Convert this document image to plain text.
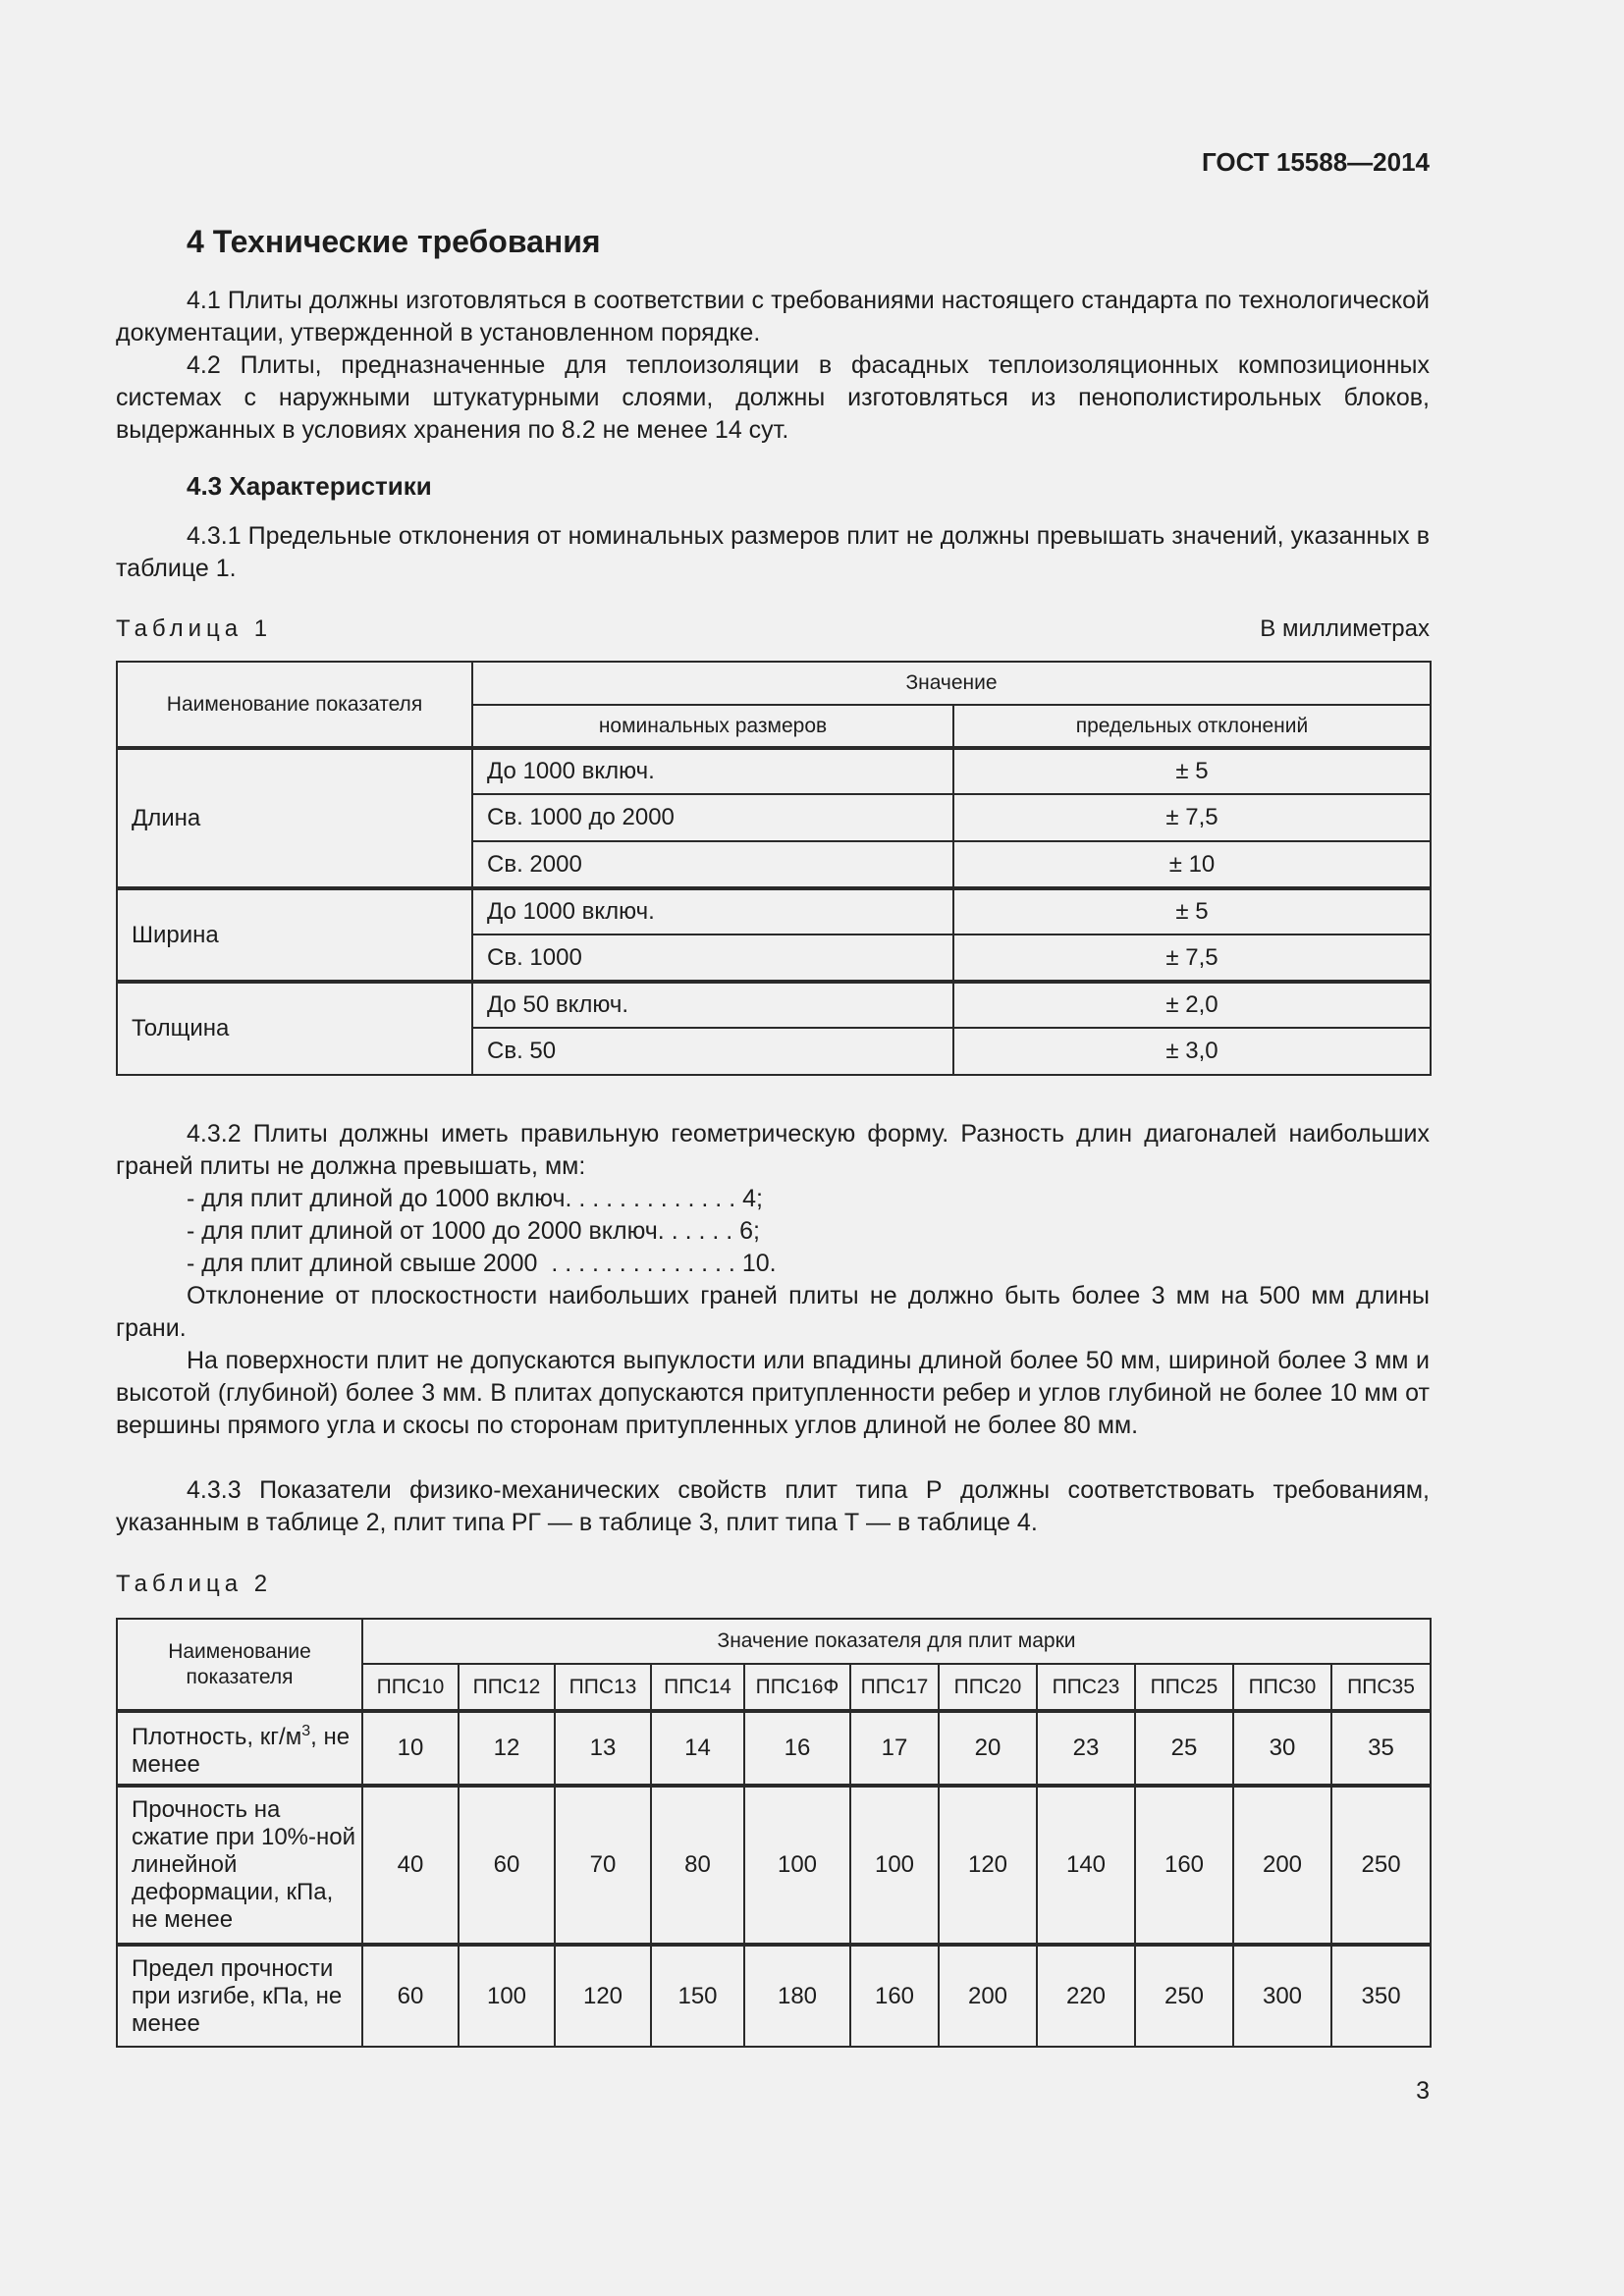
ГОСТ 15588—2014
4 Технические требования

4.1 Плиты должны изготовляться в соответствии с требованиями настоящего стандарта по технологической документации, утвержденной в установленном порядке.

4.2 Плиты, предназначенные для теплоизоляции в фасадных теплоизоляционных композиционных системах с наружными штукатурными слоями, должны изготовляться из пенополистирольных блоков, выдержанных в условиях хранения по 8.2 не менее 14 сут.

4.3 Характеристики

4.3.1 Предельные отклонения от номинальных размеров плит не должны превышать значений, указанных в таблице 1.

Таблица 1	В миллиметрах
Наименование показателя	Значение	
	номинальных размеров	предельных отклонений
Длина	До 1000 включ.	± 5
	Св. 1000 до 2000	± 7,5
	Св. 2000	± 10
Ширина	До 1000 включ.	± 5
	Св. 1000	± 7,5
Толщина	До 50 включ.	± 2,0
	Св. 50	± 3,0

4.3.2 Плиты должны иметь правильную геометрическую форму. Разность длин диагоналей наибольших граней плиты не должна превышать, мм:

- для плит длиной до 1000 включ. . . . . . . . . . . . . 4;
- для плит длиной от 1000 до 2000 включ. . . . . . 6;
- для плит длиной свыше 2000  . . . . . . . . . . . . . . 10.

Отклонение от плоскостности наибольших граней плиты не должно быть более 3 мм на 500 мм длины грани.

На поверхности плит не допускаются выпуклости или впадины длиной более 50 мм, шириной более 3 мм и высотой (глубиной) более 3 мм. В плитах допускаются притупленности ребер и углов глубиной не более 10 мм от вершины прямого угла и скосы по сторонам притупленных углов длиной не более 80 мм.

4.3.3 Показатели физико-механических свойств плит типа Р должны соответствовать требованиям, указанным в таблице 2, плит типа РГ — в таблице 3, плит типа Т — в таблице 4.

Таблица 2
Наименование показателя	Значение показателя для плит марки										
	ППС10	ППС12	ППС13	ППС14	ППС16Ф	ППС17	ППС20	ППС23	ППС25	ППС30	ППС35
Плотность, $кг/м^3$, не менее	10	12	13	14	16	17	20	23	25	30	35
Прочность на сжатие при 10%-ной линейной деформации, кПа, не менее	40	60	70	80	100	100	120	140	160	200	250
Предел прочности при изгибе, кПа, не менее	60	100	120	150	180	160	200	220	250	300	350
3
